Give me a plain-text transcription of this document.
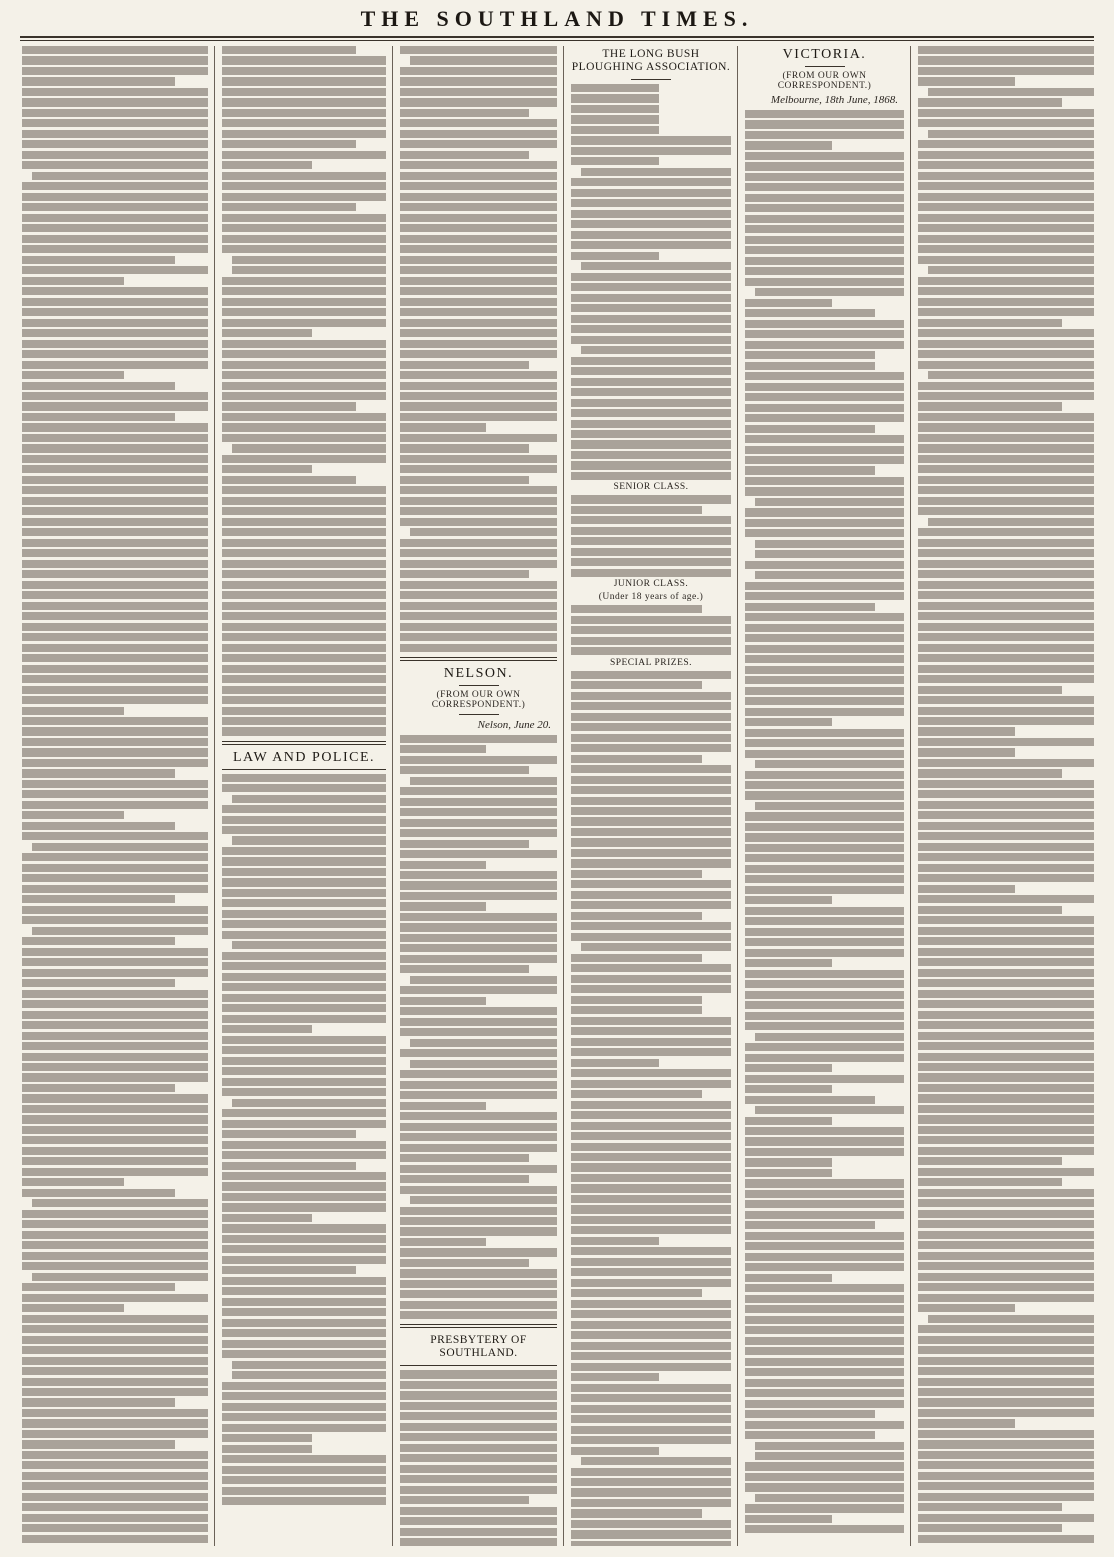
THE SOUTHLAND TIMES.
LAW AND POLICE.
NELSON.
(FROM OUR OWN CORRESPONDENT.)
Nelson, June 20.
PRESBYTERY OF SOUTHLAND.
THE LONG BUSH PLOUGHING ASSOCIATION.
SENIOR CLASS.
JUNIOR CLASS.
(Under 18 years of age.)
SPECIAL PRIZES.
VICTORIA.
(FROM OUR OWN CORRESPONDENT.)
Melbourne, 18th June, 1868.
